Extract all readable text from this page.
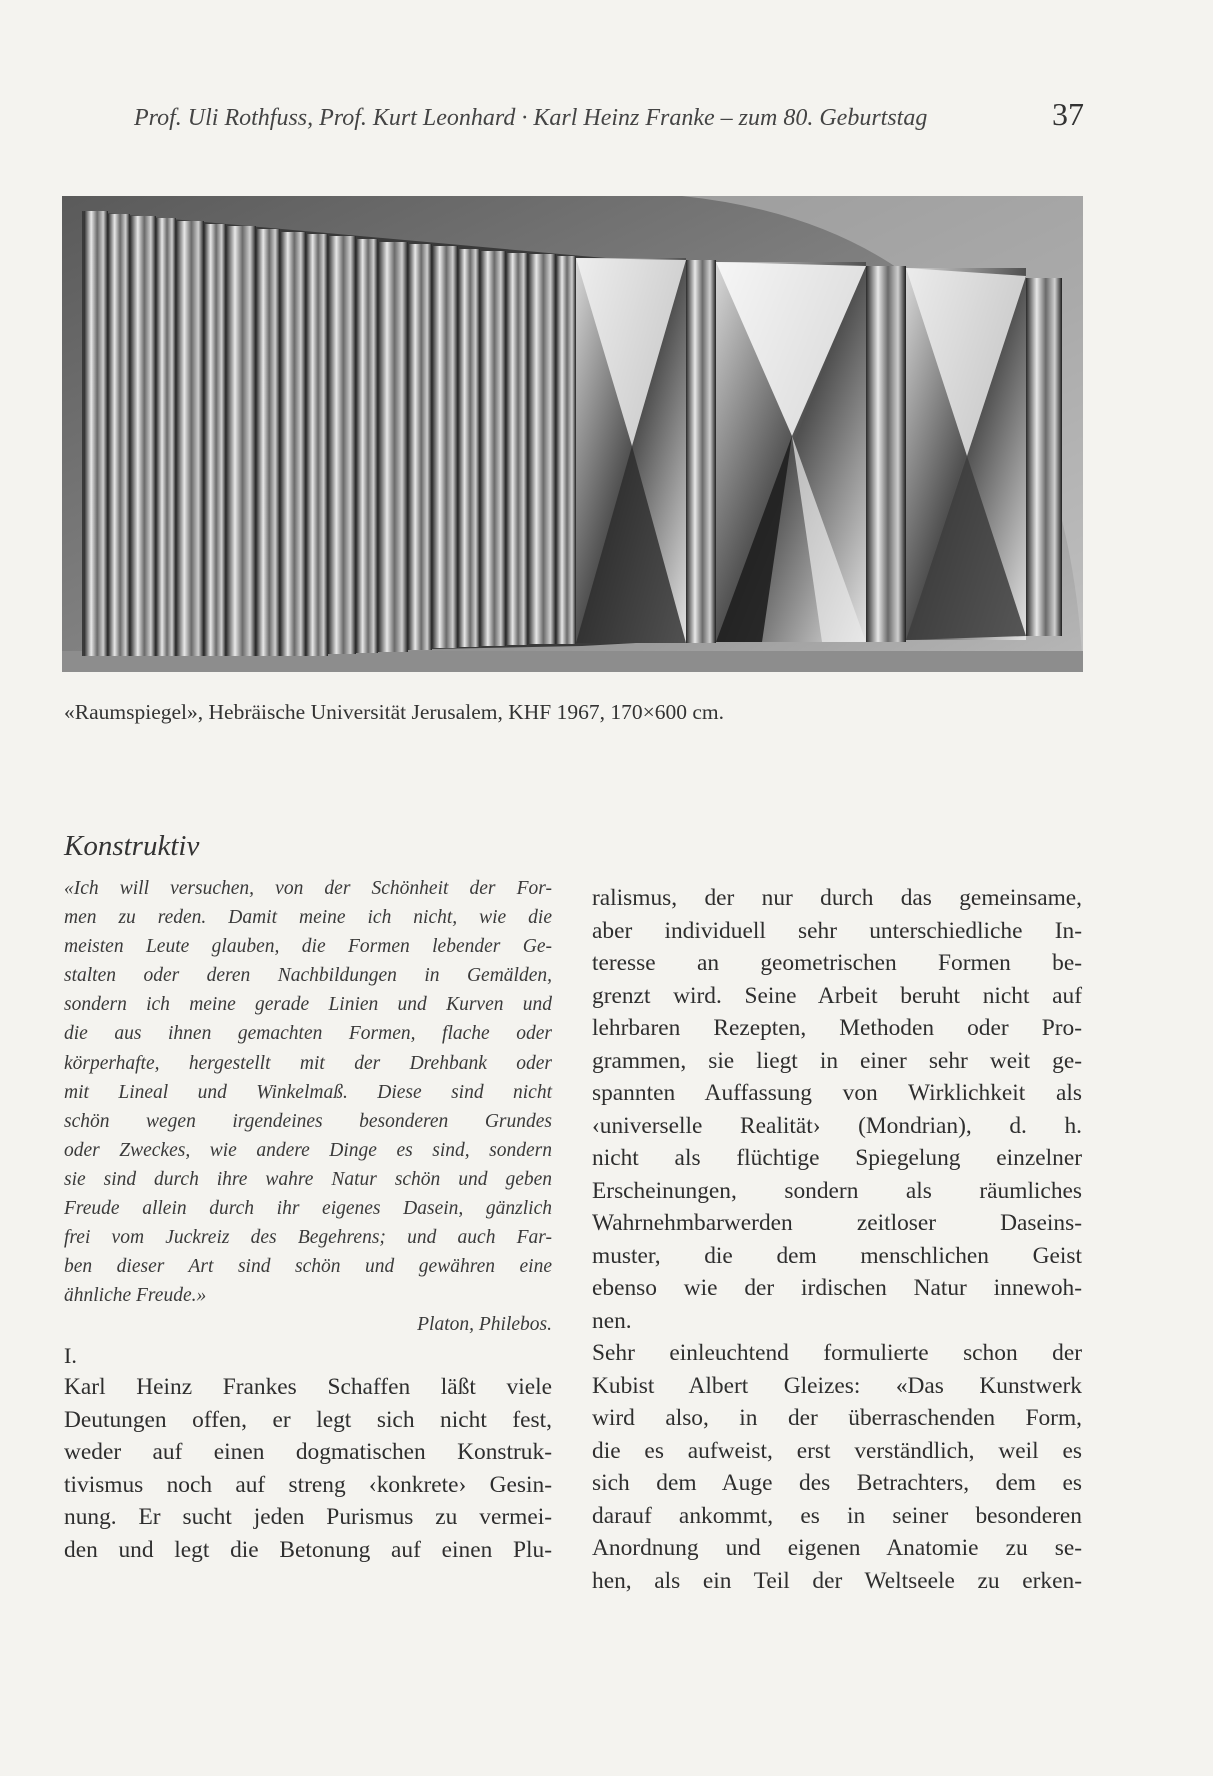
Prof. Uli Rothfuss, Prof. Kurt Leonhard · Karl Heinz Franke – zum 80. Geburtstag	37
«Raumspiegel», Hebräische Universität Jerusalem, KHF 1967, 170×600 cm.
Konstruktiv
«Ich will versuchen, von der Schönheit der For-
men zu reden. Damit meine ich nicht, wie die
meisten Leute glauben, die Formen lebender Ge-
stalten oder deren Nachbildungen in Gemälden,
sondern ich meine gerade Linien und Kurven und
die aus ihnen gemachten Formen, flache oder
körperhafte, hergestellt mit der Drehbank oder
mit Lineal und Winkelmaß. Diese sind nicht
schön wegen irgendeines besonderen Grundes
oder Zweckes, wie andere Dinge es sind, sondern
sie sind durch ihre wahre Natur schön und geben
Freude allein durch ihr eigenes Dasein, gänzlich
frei vom Juckreiz des Begehrens; und auch Far-
ben dieser Art sind schön und gewähren eine
ähnliche Freude.»
Platon, Philebos.
I.
Karl Heinz Frankes Schaffen läßt viele
Deutungen offen, er legt sich nicht fest,
weder auf einen dogmatischen Konstruk-
tivismus noch auf streng ‹konkrete› Gesin-
nung. Er sucht jeden Purismus zu vermei-
den und legt die Betonung auf einen Plu-
ralismus, der nur durch das gemeinsame,
aber individuell sehr unterschiedliche In-
teresse an geometrischen Formen be-
grenzt wird. Seine Arbeit beruht nicht auf
lehrbaren Rezepten, Methoden oder Pro-
grammen, sie liegt in einer sehr weit ge-
spannten Auffassung von Wirklichkeit als
‹universelle Realität› (Mondrian), d. h.
nicht als flüchtige Spiegelung einzelner
Erscheinungen, sondern als räumliches
Wahrnehmbarwerden zeitloser Daseins-
muster, die dem menschlichen Geist
ebenso wie der irdischen Natur innewoh-
nen.
Sehr einleuchtend formulierte schon der
Kubist Albert Gleizes: «Das Kunstwerk
wird also, in der überraschenden Form,
die es aufweist, erst verständlich, weil es
sich dem Auge des Betrachters, dem es
darauf ankommt, es in seiner besonderen
Anordnung und eigenen Anatomie zu se-
hen, als ein Teil der Weltseele zu erken-
